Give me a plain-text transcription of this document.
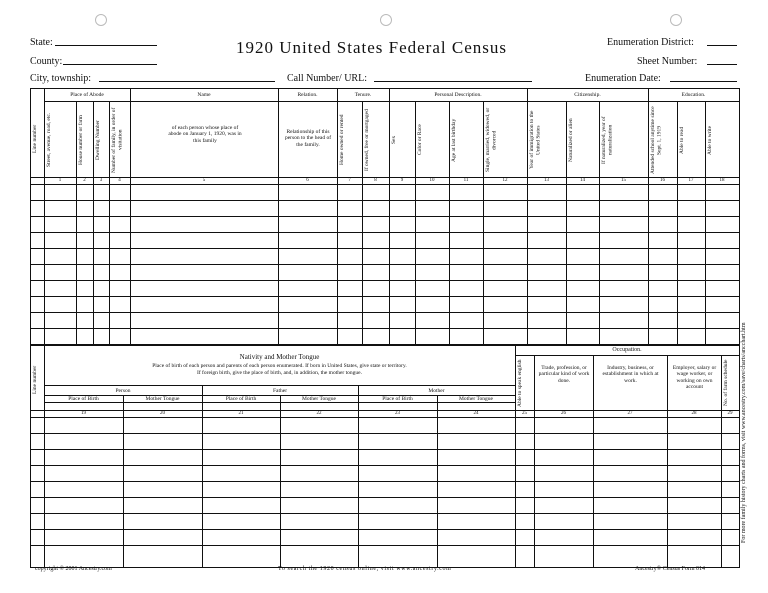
State:
County:
City, township:
1920 United States Federal Census
Call Number/ URL:
Enumeration District:
Sheet Number:
Enumeration Date:
Place of Abode	Name	Relation.	Tenure.	Personal Description.	Citizenship.	Education.
Line number	Street, avenue, road, etc.	House number or farm	Dwelling Number	Number of family, in order of visitation
of each person whose place of abode on January 1, 1920, was in this family
Relationship of this person to the head of the family.	Home owned or rented	If owned, free or mortgaged	Sex	Color or Race	Age at last birthday	Single, married, widowed, or divorced	Year of immigration to the United States	Naturalized or alien	If naturalized, year of naturalization	Attended school anytime since Sept. 1, 1919	Able to read	Able to write
1	2	3	4	5	6	7	8	9	10	11	12	13	14	15	16	17	18
Line number
Nativity and Mother Tongue
Place of birth of each person and parents of each person enumerated. If born in United States, give state or territory.
If foreign birth, give the place of birth, and, in addition, the mother tongue.
Person	Father	Mother
Place of Birth	Mother Tongue	Place of Birth	Mother Tongue	Place of Birth	Mother Tongue
Occupation.
Able to speak english	Trade, profession, or particular kind of work done.
Industry, business, or establishment in which at work.
Employer, salary or wage worker, or working on own account	No. of farm schedule
19	20	21	22	23	24	25	26	27	28	29
copyright © 2001 Ancestry.com	To search the 1920 census online, visit www.ancestry.com	Ancestry® Census Form 014
For more family history charts and forms, visit www.ancestry.com/save/charts/ancchart.htm
